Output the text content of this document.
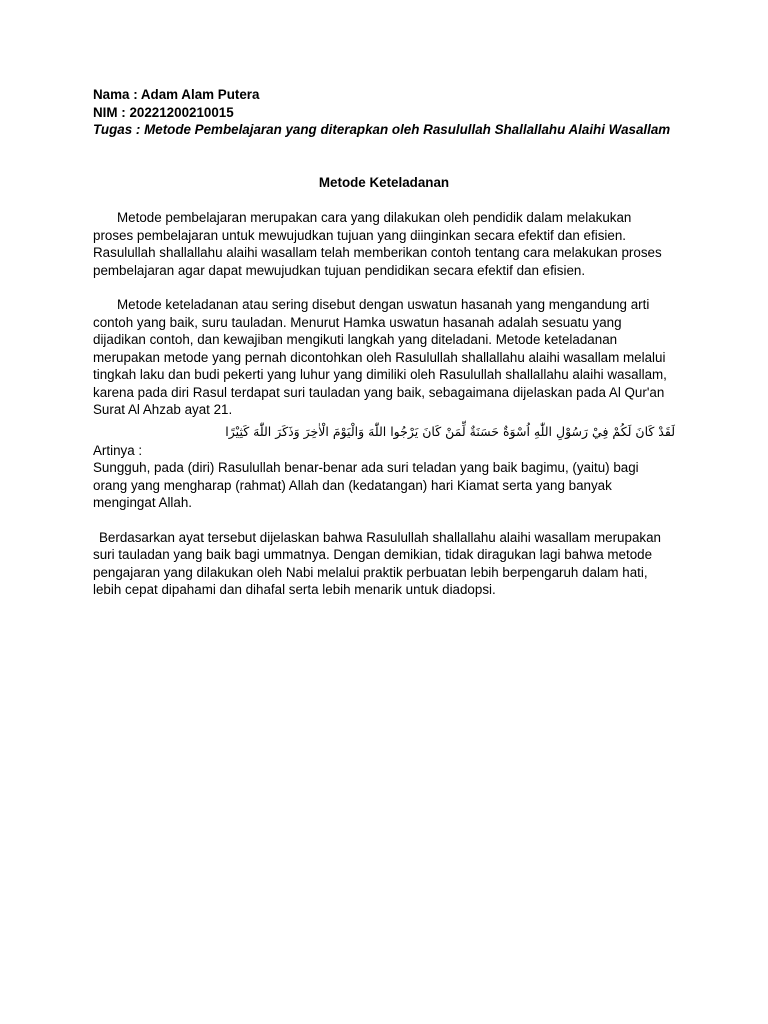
Nama : Adam Alam Putera

NIM : 20221200210015

Tugas : Metode Pembelajaran yang diterapkan oleh Rasulullah Shallallahu Alaihi Wasallam

Metode Keteladanan

Metode pembelajaran merupakan cara yang dilakukan oleh pendidik dalam melakukan proses pembelajaran untuk mewujudkan tujuan yang diinginkan secara efektif dan efisien. Rasulullah shallallahu alaihi wasallam telah memberikan contoh tentang cara melakukan proses pembelajaran agar dapat mewujudkan tujuan pendidikan secara efektif dan efisien.

Metode keteladanan atau sering disebut dengan uswatun hasanah yang mengandung arti contoh yang baik, suru tauladan. Menurut Hamka uswatun hasanah adalah sesuatu yang dijadikan contoh, dan kewajiban mengikuti langkah yang diteladani. Metode keteladanan merupakan metode yang pernah dicontohkan oleh Rasulullah shallallahu alaihi wasallam melalui tingkah laku dan budi pekerti yang luhur yang dimiliki oleh Rasulullah shallallahu alaihi wasallam, karena pada diri Rasul terdapat suri tauladan yang baik, sebagaimana dijelaskan pada Al Qur'an Surat Al Ahzab ayat 21.

لَقَدْ كَانَ لَكُمْ فِيْ رَسُوْلِ اللّٰهِ اُسْوَةٌ حَسَنَةٌ لِّمَنْ كَانَ يَرْجُوا اللّٰهَ وَالْيَوْمَ الْاٰخِرَ وَذَكَرَ اللّٰهَ كَثِيْرًا

Artinya :

Sungguh, pada (diri) Rasulullah benar-benar ada suri teladan yang baik bagimu, (yaitu) bagi orang yang mengharap (rahmat) Allah dan (kedatangan) hari Kiamat serta yang banyak mengingat Allah.

Berdasarkan ayat tersebut dijelaskan bahwa Rasulullah shallallahu alaihi wasallam merupakan suri tauladan yang baik bagi ummatnya. Dengan demikian, tidak diragukan lagi bahwa metode pengajaran yang dilakukan oleh Nabi melalui praktik perbuatan lebih berpengaruh dalam hati, lebih cepat dipahami dan dihafal serta lebih menarik untuk diadopsi.
